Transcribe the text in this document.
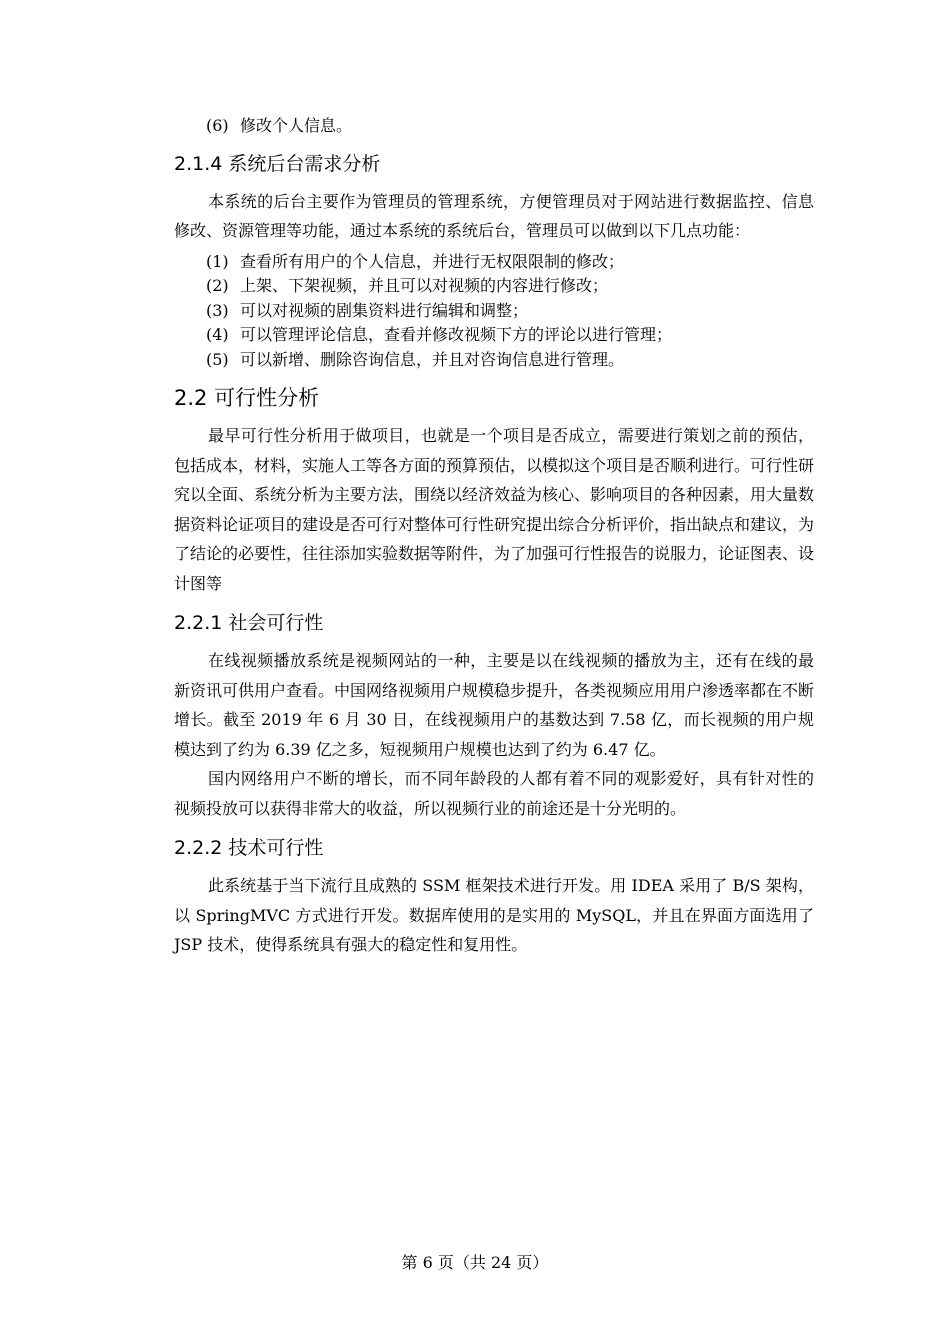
(6) 修改个人信息。
2.1.4 系统后台需求分析

本系统的后台主要作为管理员的管理系统，方便管理员对于网站进行数据监控、信息修改、资源管理等功能，通过本系统的系统后台，管理员可以做到以下几点功能：

(1) 查看所有用户的个人信息，并进行无权限限制的修改；
(2) 上架、下架视频，并且可以对视频的内容进行修改；
(3) 可以对视频的剧集资料进行编辑和调整；
(4) 可以管理评论信息，查看并修改视频下方的评论以进行管理；
(5) 可以新增、删除咨询信息，并且对咨询信息进行管理。
2.2 可行性分析

最早可行性分析用于做项目，也就是一个项目是否成立，需要进行策划之前的预估，包括成本，材料，实施人工等各方面的预算预估，以模拟这个项目是否顺利进行。可行性研究以全面、系统分析为主要方法，围绕以经济效益为核心、影响项目的各种因素，用大量数据资料论证项目的建设是否可行对整体可行性研究提出综合分析评价，指出缺点和建议，为了结论的必要性，往往添加实验数据等附件，为了加强可行性报告的说服力，论证图表、设计图等

2.2.1 社会可行性

在线视频播放系统是视频网站的一种，主要是以在线视频的播放为主，还有在线的最新资讯可供用户查看。中国网络视频用户规模稳步提升，各类视频应用用户渗透率都在不断增长。截至 2019 年 6 月 30 日，在线视频用户的基数达到 7.58 亿，而长视频的用户规模达到了约为 6.39 亿之多，短视频用户规模也达到了约为 6.47 亿。

国内网络用户不断的增长，而不同年龄段的人都有着不同的观影爱好，具有针对性的视频投放可以获得非常大的收益，所以视频行业的前途还是十分光明的。

2.2.2 技术可行性

此系统基于当下流行且成熟的 SSM 框架技术进行开发。用 IDEA 采用了 B/S 架构，以 SpringMVC 方式进行开发。数据库使用的是实用的 MySQL，并且在界面方面选用了 JSP 技术，使得系统具有强大的稳定性和复用性。

第 6 页（共 24 页）
